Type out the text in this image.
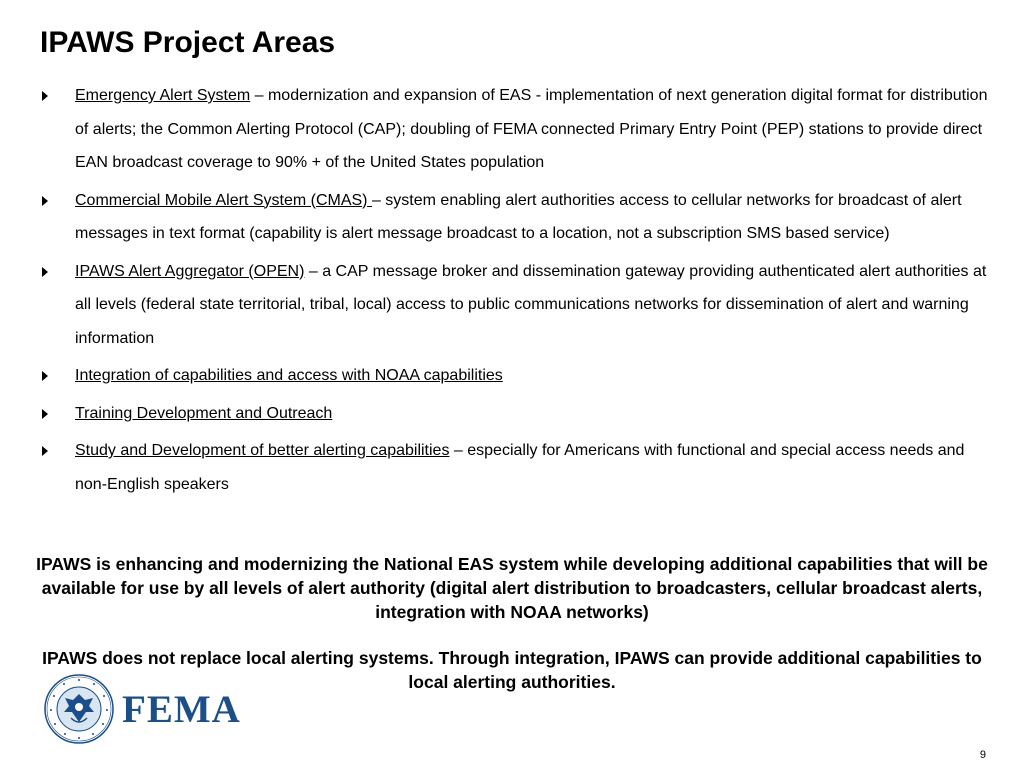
IPAWS Project Areas
Emergency Alert System – modernization and expansion of EAS - implementation of next generation digital format for distribution of alerts; the Common Alerting Protocol (CAP); doubling of FEMA connected Primary Entry Point (PEP) stations to provide direct EAN broadcast coverage to 90% + of the United States population
Commercial Mobile Alert System (CMAS) – system enabling alert authorities access to cellular networks for broadcast of alert messages in text format (capability is alert message broadcast to a location, not a subscription SMS based service)
IPAWS Alert Aggregator (OPEN) – a CAP message broker and dissemination gateway providing authenticated alert authorities at all levels (federal state territorial, tribal, local) access to public communications networks for dissemination of alert and warning information
Integration of capabilities and access with NOAA capabilities
Training Development and Outreach
Study and Development of better alerting capabilities – especially for Americans with functional and special access needs and non-English speakers

IPAWS is enhancing and modernizing the National EAS system while developing additional capabilities that will be available for use by all levels of alert authority (digital alert distribution to broadcasters, cellular broadcast alerts, integration with NOAA networks)

IPAWS does not replace local alerting systems. Through integration, IPAWS can provide additional capabilities to local alerting authorities.

FEMA
9
